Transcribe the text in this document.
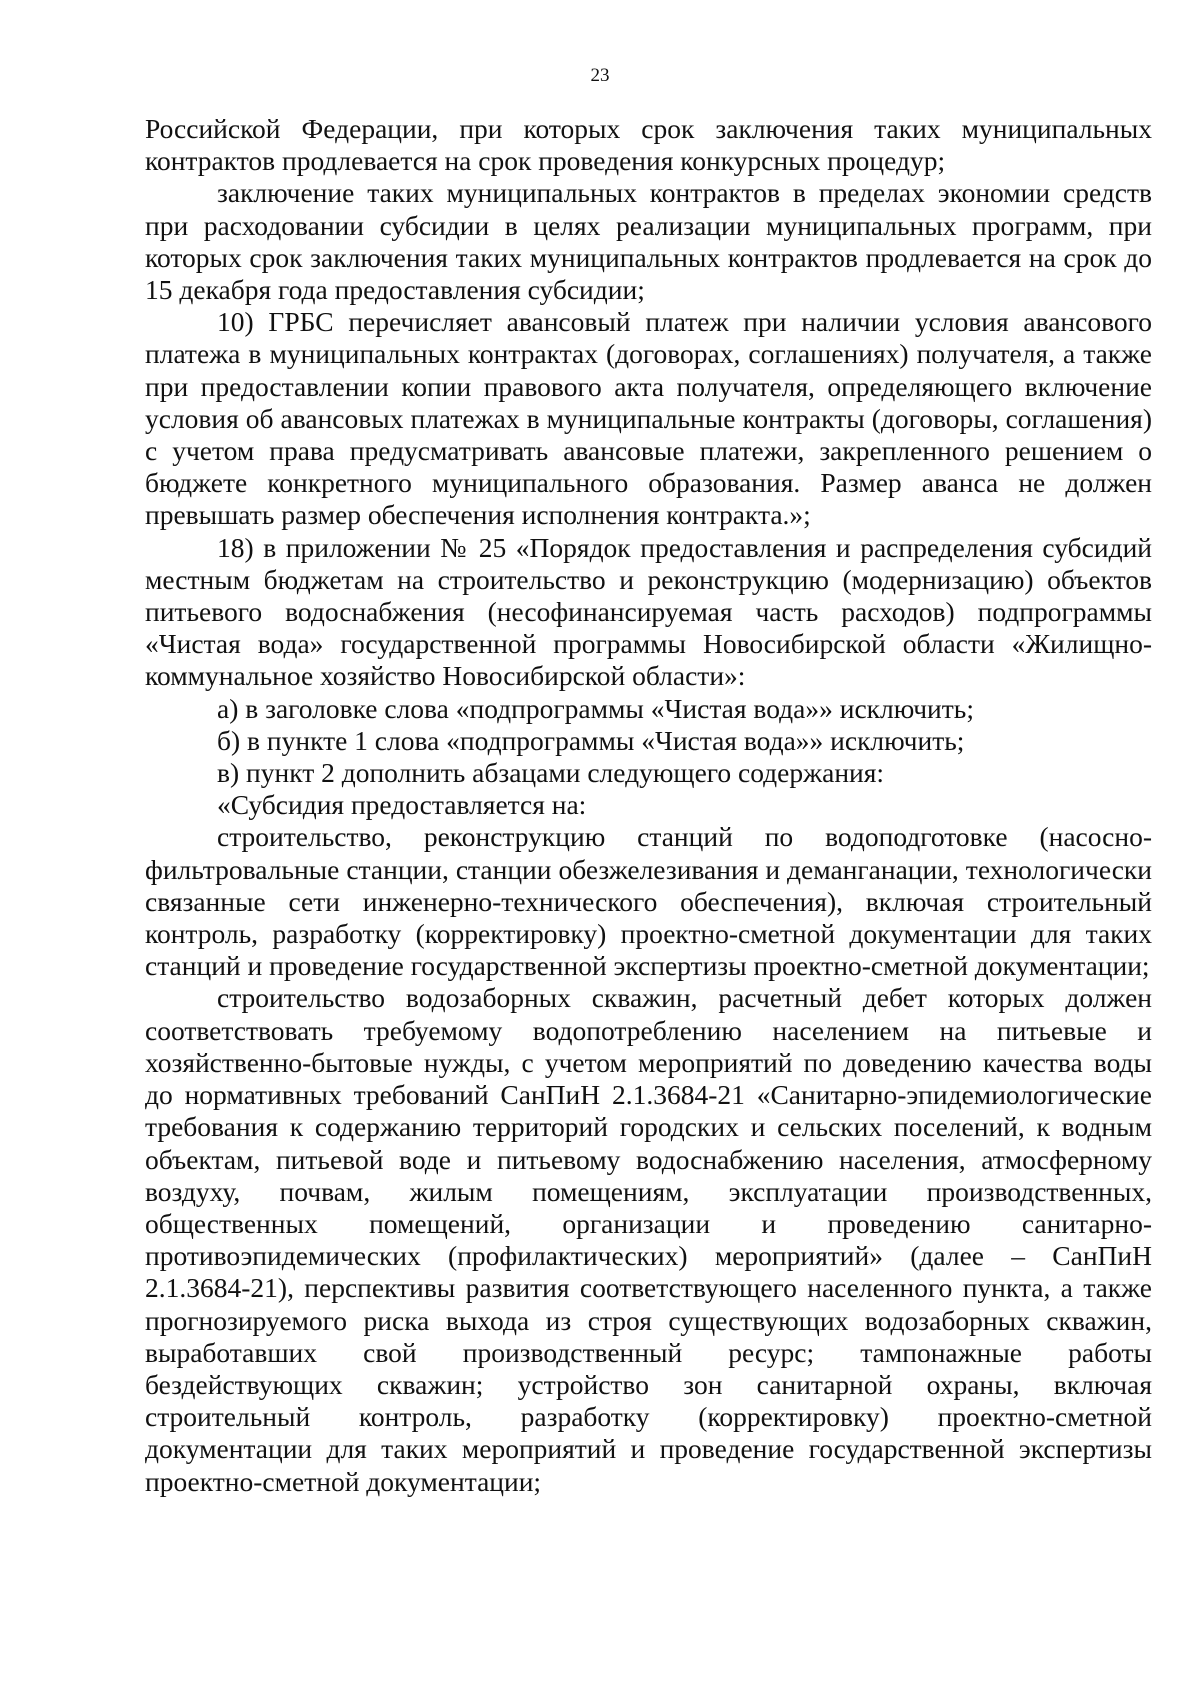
23

Российской Федерации, при которых срок заключения таких муниципальных контрактов продлевается на срок проведения конкурсных процедур;

заключение таких муниципальных контрактов в пределах экономии средств при расходовании субсидии в целях реализации муниципальных программ, при которых срок заключения таких муниципальных контрактов продлевается на срок до 15 декабря года предоставления субсидии;

10) ГРБС перечисляет авансовый платеж при наличии условия авансового платежа в муниципальных контрактах (договорах, соглашениях) получателя, а также при предоставлении копии правового акта получателя, определяющего включение условия об авансовых платежах в муниципальные контракты (договоры, соглашения) с учетом права предусматривать авансовые платежи, закрепленного решением о бюджете конкретного муниципального образования. Размер аванса не должен превышать размер обеспечения исполнения контракта.»;

18) в приложении № 25 «Порядок предоставления и распределения субсидий местным бюджетам на строительство и реконструкцию (модернизацию) объектов питьевого водоснабжения (несофинансируемая часть расходов) подпрограммы «Чистая вода» государственной программы Новосибирской области «Жилищно-коммунальное хозяйство Новосибирской области»:

а) в заголовке слова «подпрограммы «Чистая вода»» исключить;

б) в пункте 1 слова «подпрограммы «Чистая вода»» исключить;

в) пункт 2 дополнить абзацами следующего содержания:

«Субсидия предоставляется на:

строительство, реконструкцию станций по водоподготовке (насосно-фильтровальные станции, станции обезжелезивания и деманганации, технологически связанные сети инженерно-технического обеспечения), включая строительный контроль, разработку (корректировку) проектно-сметной документации для таких станций и проведение государственной экспертизы проектно-сметной документации;

строительство водозаборных скважин, расчетный дебет которых должен соответствовать требуемому водопотреблению населением на питьевые и хозяйственно-бытовые нужды, с учетом мероприятий по доведению качества воды до нормативных требований СанПиН 2.1.3684-21 «Санитарно-эпидемиологические требования к содержанию территорий городских и сельских поселений, к водным объектам, питьевой воде и питьевому водоснабжению населения, атмосферному воздуху, почвам, жилым помещениям, эксплуатации производственных, общественных помещений, организации и проведению санитарно-противоэпидемических (профилактических) мероприятий» (далее – СанПиН 2.1.3684-21), перспективы развития соответствующего населенного пункта, а также прогнозируемого риска выхода из строя существующих водозаборных скважин, выработавших свой производственный ресурс; тампонажные работы бездействующих скважин; устройство зон санитарной охраны, включая строительный контроль, разработку (корректировку) проектно-сметной документации для таких мероприятий и проведение государственной экспертизы проектно-сметной документации;
